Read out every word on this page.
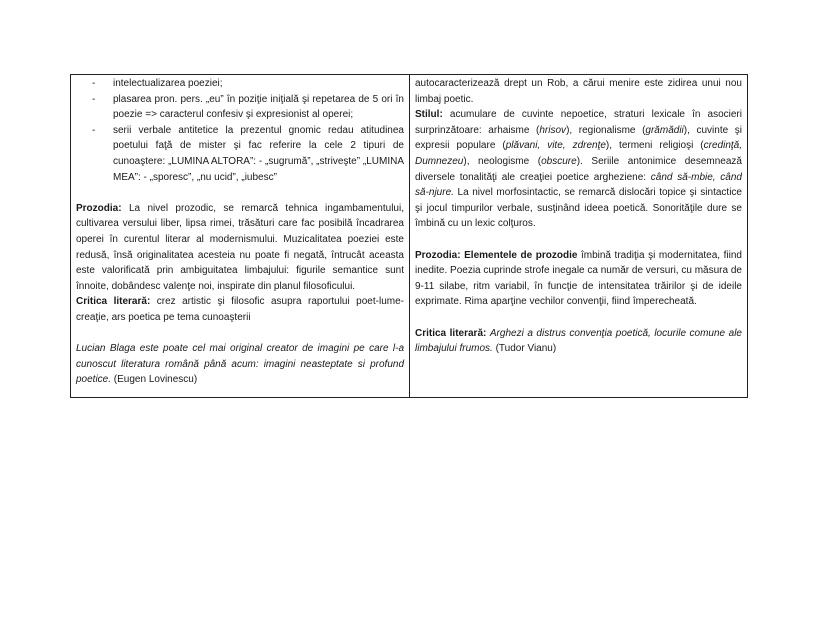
-	intelectualizarea poeziei;
-	plasarea pron. pers. „eu” în poziţie iniţială şi repetarea de 5 ori în poezie => caracterul confesiv şi expresionist al operei;
-	serii verbale antitetice la prezentul gnomic redau atitudinea poetului faţă de mister şi fac referire la cele 2 tipuri de cunoaştere: „LUMINA ALTORA”: - „sugrumă”, „striveşte” „LUMINA MEA”: - „sporesc”, „nu ucid”, „iubesc”

Prozodia: La nivel prozodic, se remarcă tehnica ingambamentului, cultivarea versului liber, lipsa rimei, trăsături care fac posibilă încadrarea operei în curentul literar al modernismului. Muzicalitatea poeziei este redusă, însă originalitatea acesteia nu poate fi negată, întrucât aceasta este valorificată prin ambiguitatea limbajului: figurile semantice sunt înnoite, dobândesc valenţe noi, inspirate din planul filosoficului.

Critica literară: crez artistic şi filosofic asupra raportului poet-lume-creaţie, ars poetica pe tema cunoaşterii

Lucian Blaga este poate cel mai original creator de imagini pe care l-a cunoscut literatura română până acum: imagini neasteptate si profund poetice. (Eugen Lovinescu)

autocaracterizează drept un Rob, a cărui menire este zidirea unui nou limbaj poetic.

Stilul: acumulare de cuvinte nepoetice, straturi lexicale în asocieri surprinzătoare: arhaisme (hrisov), regionalisme (grămădii), cuvinte şi expresii populare (plăvani, vite, zdrenţe), termeni religioşi (credinţă, Dumnezeu), neologisme (obscure). Seriile antonimice desemnează diversele tonalităţi ale creaţiei poetice argheziene: când să-mbie, când să-njure. La nivel morfosintactic, se remarcă dislocări topice şi sintactice şi jocul timpurilor verbale, susţinând ideea poetică. Sonorităţile dure se îmbină cu un lexic colţuros.

Prozodia: Elementele de prozodie îmbină tradiţia şi modernitatea, fiind inedite. Poezia cuprinde strofe inegale ca număr de versuri, cu măsura de 9-11 silabe, ritm variabil, în funcţie de intensitatea trăirilor şi de ideile exprimate. Rima aparţine vechilor convenţii, fiind împerecheată.

Critica literară: Arghezi a distrus convenţia poetică, locurile comune ale limbajului frumos. (Tudor Vianu)
